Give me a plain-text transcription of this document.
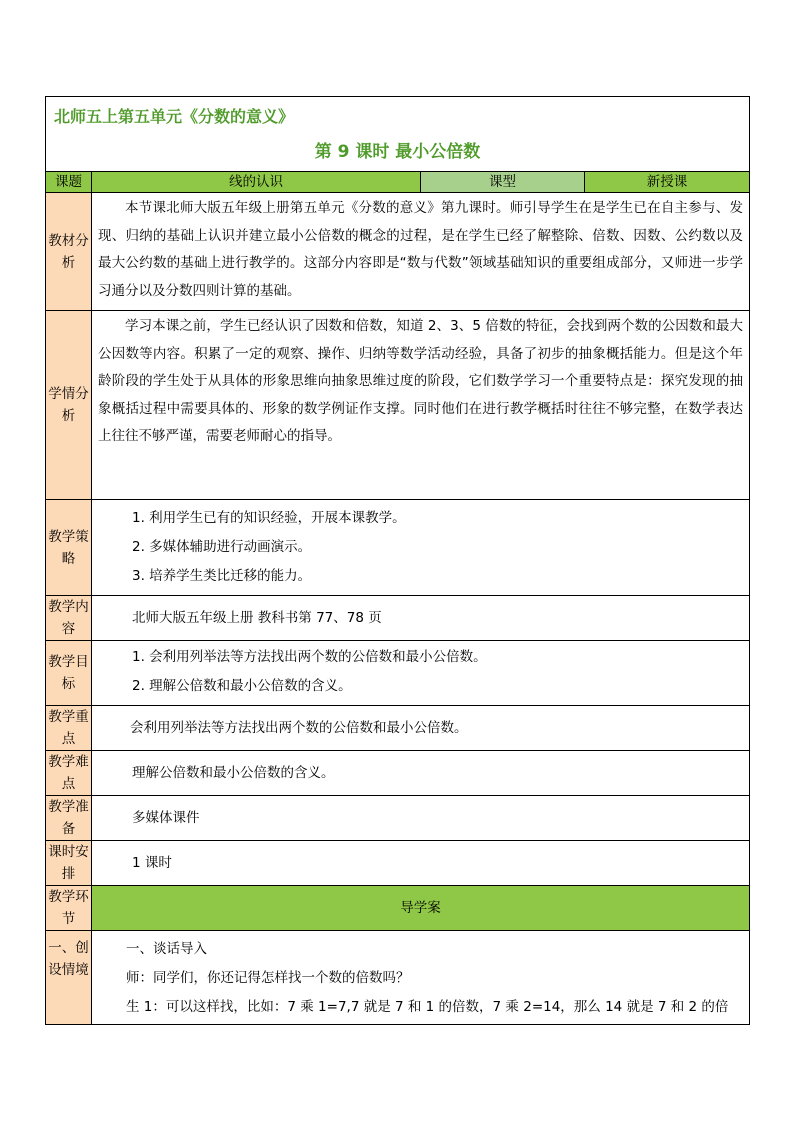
北师五上第五单元《分数的意义》			
第 9 课时 最小公倍数			
课题	线的认识	课型	新授课
教材分析	本节课北师大版五年级上册第五单元《分数的意义》第九课时。师引导学生在是学生已在自主参与、发现、归纳的基础上认识并建立最小公倍数的概念的过程，是在学生已经了解整除、倍数、因数、公约数以及最大公约数的基础上进行教学的。这部分内容即是“数与代数”领域基础知识的重要组成部分，又师进一步学习通分以及分数四则计算的基础。		

学情分析	学习本课之前，学生已经认识了因数和倍数，知道 2、3、5 倍数的特征，会找到两个数的公因数和最大公因数等内容。积累了一定的观察、操作、归纳等数学活动经验，具备了初步的抽象概括能力。但是这个年龄阶段的学生处于从具体的形象思维向抽象思维过度的阶段，它们数学学习一个重要特点是：探究发现的抽象概括过程中需要具体的、形象的数学例证作支撑。同时他们在进行教学概括时往往不够完整，在数学表达上往往不够严谨，需要老师耐心的指导。		

教学策略	1. 利用学生已有的知识经验，开展本课教学。
2. 多媒体辅助进行动画演示。
3. 培养学生类比迁移的能力。		

教学内容	北师大版五年级上册 教科书第 77、78 页		
教学目标	1. 会利用列举法等方法找出两个数的公倍数和最小公倍数。
2. 理解公倍数和最小公倍数的含义。		

教学重点	会利用列举法等方法找出两个数的公倍数和最小公倍数。		
教学难点	理解公倍数和最小公倍数的含义。		
教学准备	多媒体课件		
课时安排	1 课时		
教学环节	导学案		
一、创设情境	一、谈话导入
师：同学们，你还记得怎样找一个数的倍数吗？
生 1：可以这样找，比如：7 乘 1=7,7 就是 7 和 1 的倍数，7 乘 2=14，那么 14 就是 7 和 2 的倍		
